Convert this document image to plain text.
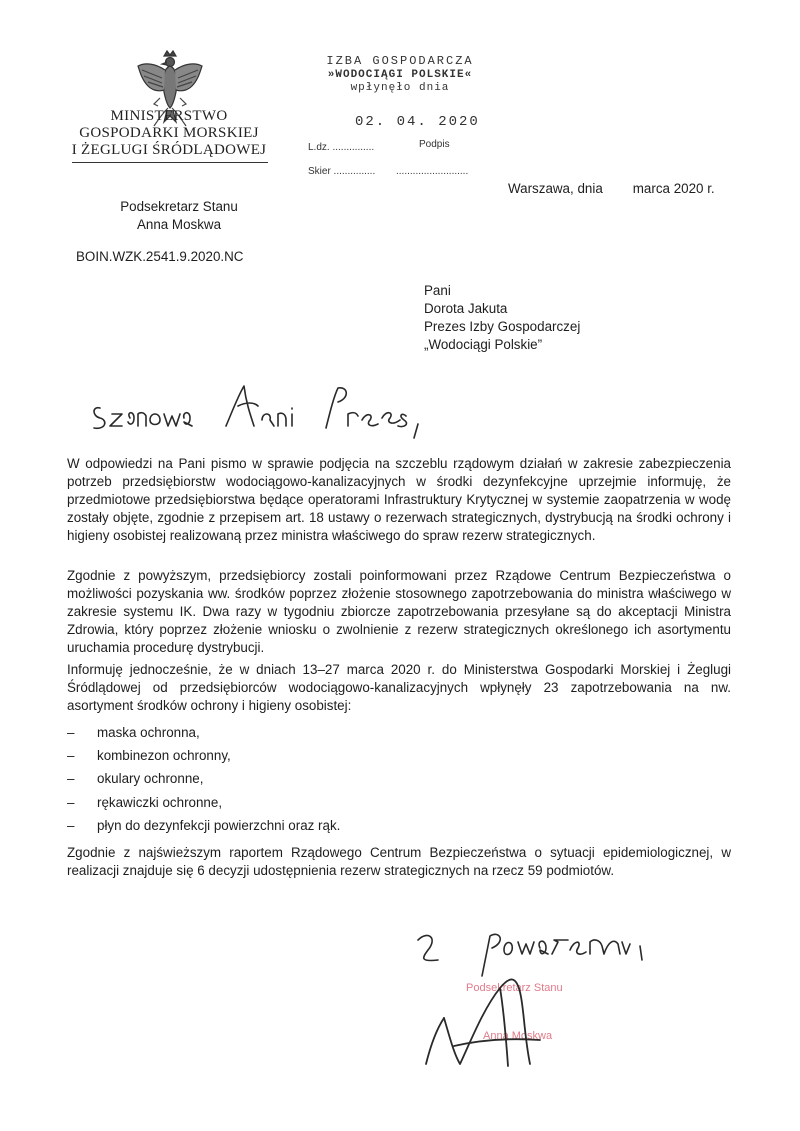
MINISTERSTWO
GOSPODARKI MORSKIEJ
I ŻEGLUGI ŚRÓDLĄDOWEJ
IZBA GOSPODARCZA
»WODOCIĄGI POLSKIE«
wpłynęło dnia
02. 04. 2020
L.dz. ...............	Podpis
Skier ............... ..........................
Warszawa, dnia marca 2020 r.
Podsekretarz Stanu
Anna Moskwa
BOIN.WZK.2541.9.2020.NC
Pani
Dorota Jakuta
Prezes Izby Gospodarczej
„Wodociągi Polskie”
Szanowna Pani Prezes,
W odpowiedzi na Pani pismo w sprawie podjęcia na szczeblu rządowym działań w zakresie zabezpieczenia potrzeb przedsiębiorstw wodociągowo-kanalizacyjnych w środki dezynfekcyjne uprzejmie informuję, że przedmiotowe przedsiębiorstwa będące operatorami Infrastruktury Krytycznej w systemie zaopatrzenia w wodę zostały objęte, zgodnie z przepisem art. 18 ustawy o rezerwach strategicznych, dystrybucją na środki ochrony i higieny osobistej realizowaną przez ministra właściwego do spraw rezerw strategicznych.
Zgodnie z powyższym, przedsiębiorcy zostali poinformowani przez Rządowe Centrum Bezpieczeństwa o możliwości pozyskania ww. środków poprzez złożenie stosownego zapotrzebowania do ministra właściwego w zakresie systemu IK. Dwa razy w tygodniu zbiorcze zapotrzebowania przesyłane są do akceptacji Ministra Zdrowia, który poprzez złożenie wniosku o zwolnienie z rezerw strategicznych określonego ich asortymentu uruchamia procedurę dystrybucji.
Informuję jednocześnie, że w dniach 13–27 marca 2020 r. do Ministerstwa Gospodarki Morskiej i Żeglugi Śródlądowej od przedsiębiorców wodociągowo-kanalizacyjnych wpłynęły 23 zapotrzebowania na nw. asortyment środków ochrony i higieny osobistej:
– maska ochronna,
– kombinezon ochronny,
– okulary ochronne,
– rękawiczki ochronne,
– płyn do dezynfekcji powierzchni oraz rąk.
Zgodnie z najświeższym raportem Rządowego Centrum Bezpieczeństwa o sytuacji epidemiologicznej, w realizacji znajduje się 6 decyzji udostępnienia rezerw strategicznych na rzecz 59 podmiotów.
Z poważaniem,
Podsekretarz Stanu
Anna Moskwa
